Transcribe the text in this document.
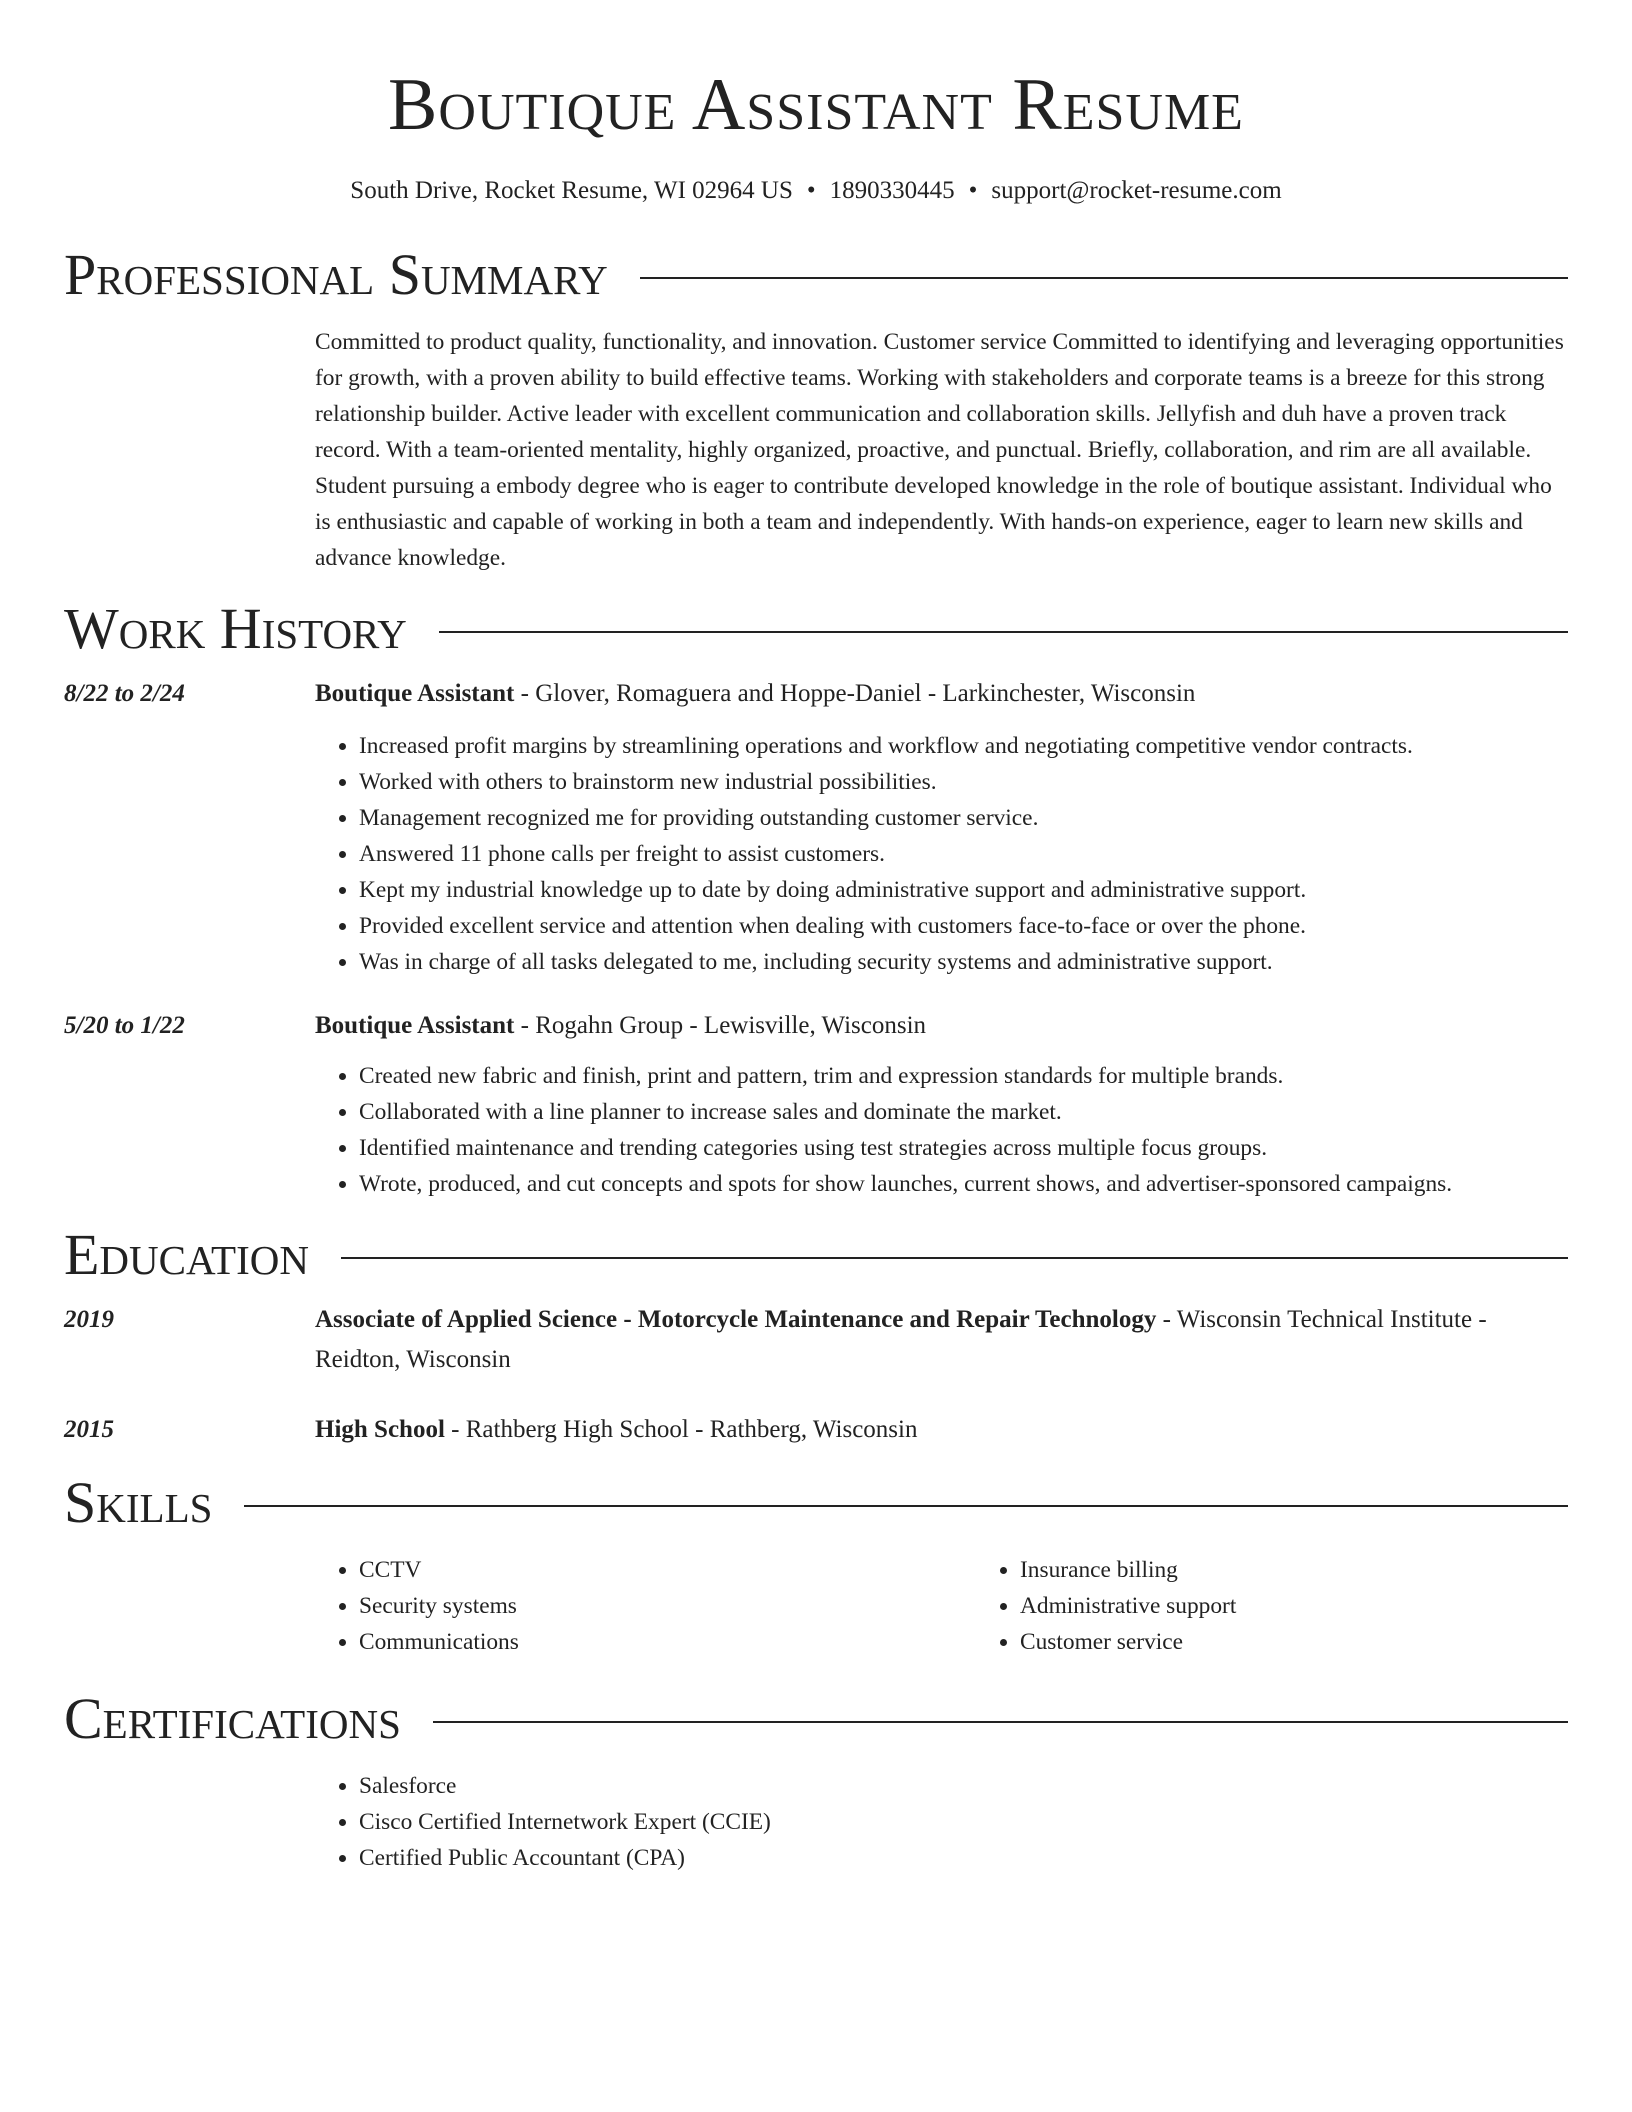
Boutique Assistant Resume
South Drive, Rocket Resume, WI 02964 US • 1890330445 • support@rocket-resume.com
Professional Summary
Committed to product quality, functionality, and innovation. Customer service Committed to identifying and leveraging opportunities for growth, with a proven ability to build effective teams. Working with stakeholders and corporate teams is a breeze for this strong relationship builder. Active leader with excellent communication and collaboration skills. Jellyfish and duh have a proven track record. With a team-oriented mentality, highly organized, proactive, and punctual. Briefly, collaboration, and rim are all available. Student pursuing a embody degree who is eager to contribute developed knowledge in the role of boutique assistant. Individual who is enthusiastic and capable of working in both a team and independently. With hands-on experience, eager to learn new skills and advance knowledge.
Work History
8/22 to 2/24	Boutique Assistant - Glover, Romaguera and Hoppe-Daniel - Larkinchester, Wisconsin
• Increased profit margins by streamlining operations and workflow and negotiating competitive vendor contracts.
• Worked with others to brainstorm new industrial possibilities.
• Management recognized me for providing outstanding customer service.
• Answered 11 phone calls per freight to assist customers.
• Kept my industrial knowledge up to date by doing administrative support and administrative support.
• Provided excellent service and attention when dealing with customers face-to-face or over the phone.
• Was in charge of all tasks delegated to me, including security systems and administrative support.
5/20 to 1/22	Boutique Assistant - Rogahn Group - Lewisville, Wisconsin
• Created new fabric and finish, print and pattern, trim and expression standards for multiple brands.
• Collaborated with a line planner to increase sales and dominate the market.
• Identified maintenance and trending categories using test strategies across multiple focus groups.
• Wrote, produced, and cut concepts and spots for show launches, current shows, and advertiser-sponsored campaigns.
Education
2019	Associate of Applied Science - Motorcycle Maintenance and Repair Technology - Wisconsin Technical Institute - Reidton, Wisconsin
2015	High School - Rathberg High School - Rathberg, Wisconsin
Skills
• CCTV
• Security systems
• Communications
• Insurance billing
• Administrative support
• Customer service
Certifications
• Salesforce
• Cisco Certified Internetwork Expert (CCIE)
• Certified Public Accountant (CPA)
